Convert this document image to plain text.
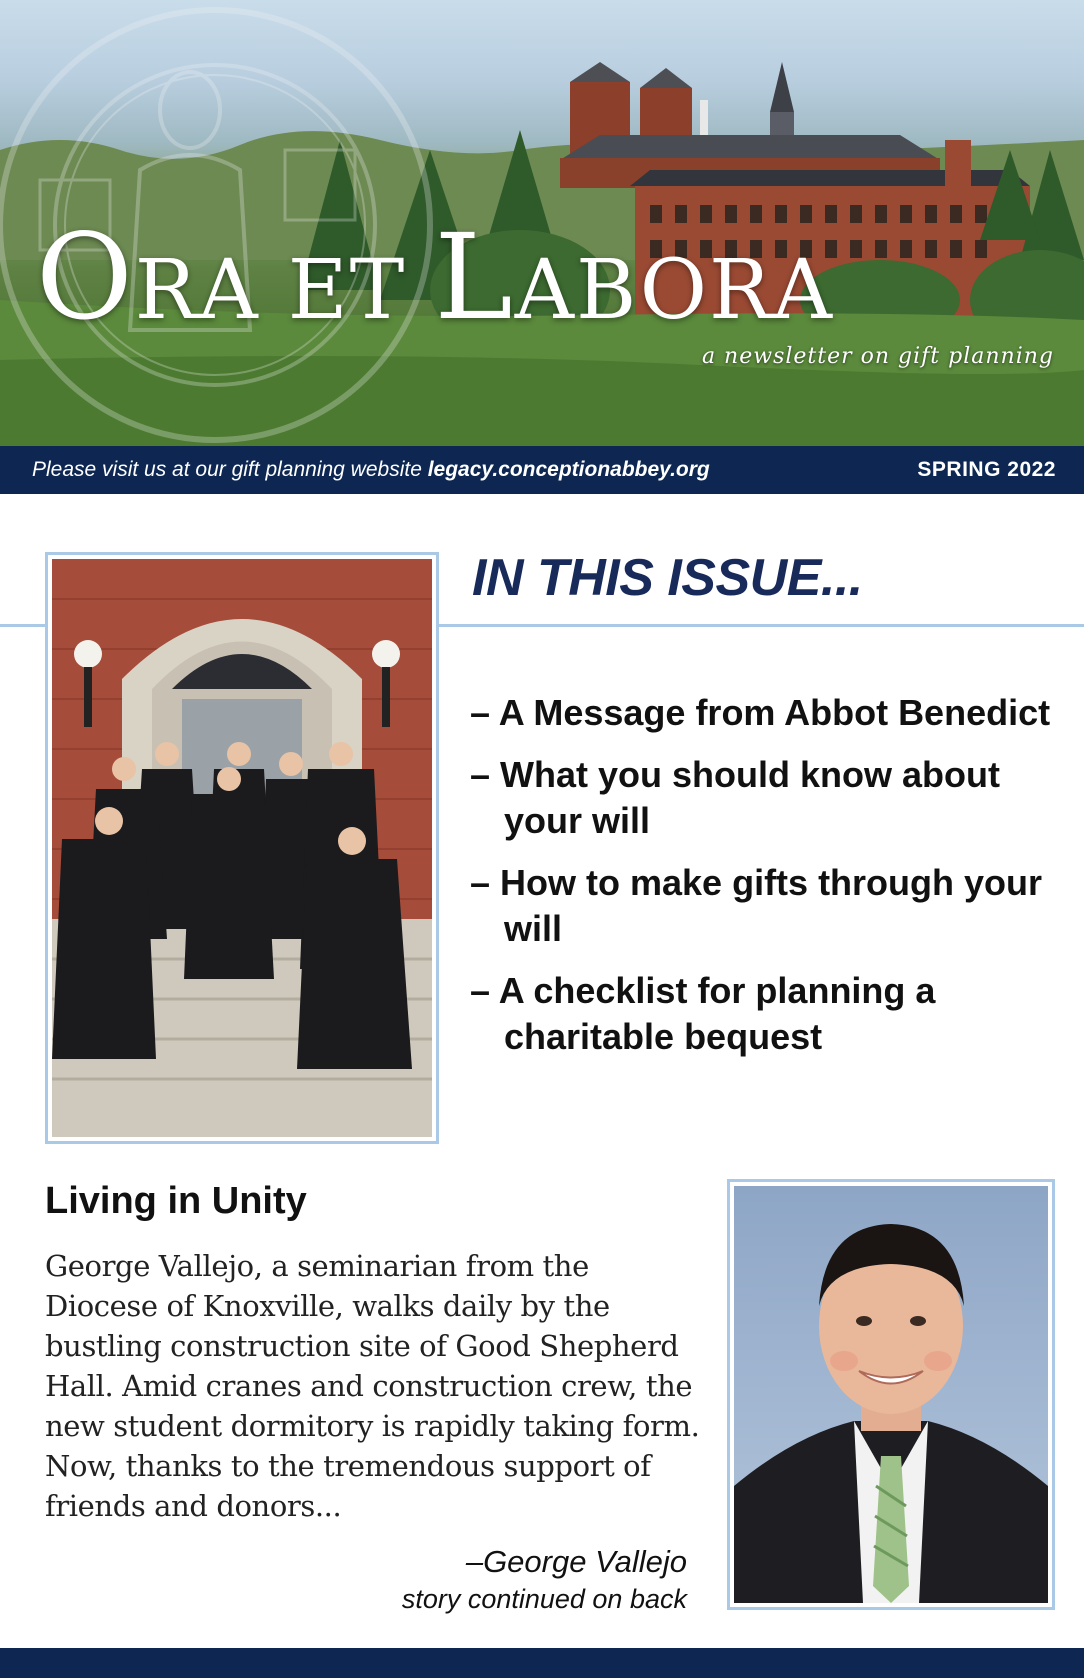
ORA ET LABORA
a newsletter on gift planning
Please visit us at our gift planning website legacy.conceptionabbey.org	SPRING 2022
IN THIS ISSUE...
– A Message from Abbot Benedict
– What you should know about your will
– How to make gifts through your will
– A checklist for planning a charitable bequest
Living in Unity

George Vallejo, a seminarian from the Diocese of Knoxville, walks daily by the bustling construction site of Good Shepherd Hall. Amid cranes and construction crew, the new student dormitory is rapidly taking form. Now, thanks to the tremendous support of friends and donors...

–George Vallejo
story continued on back
